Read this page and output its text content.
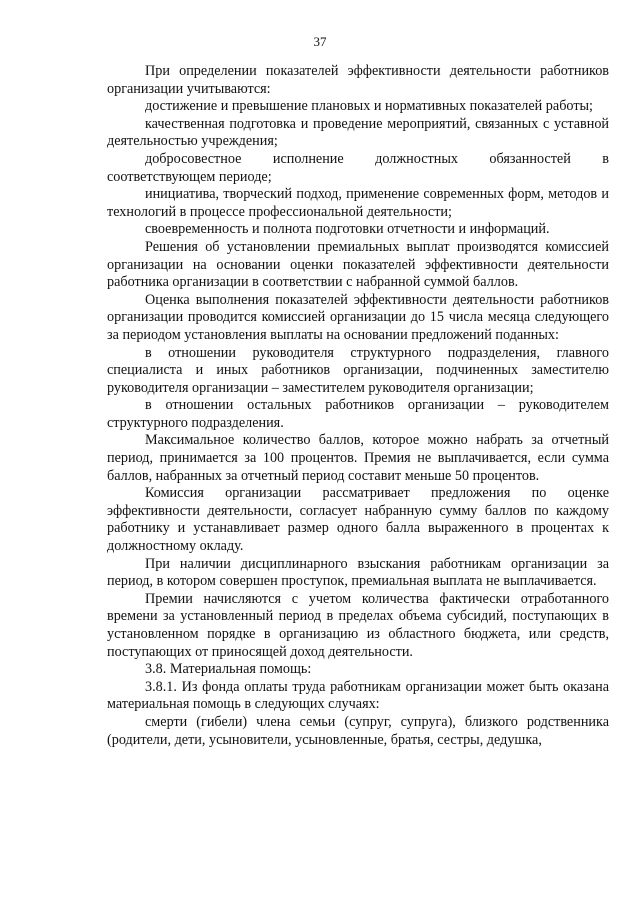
37

При определении показателей эффективности деятельности работников организации учитываются:

достижение и превышение плановых и нормативных показателей работы;

качественная подготовка и проведение мероприятий, связанных с уставной деятельностью учреждения;

добросовестное исполнение должностных обязанностей в соответствующем периоде;

инициатива, творческий подход, применение современных форм, методов и технологий в процессе профессиональной деятельности;

своевременность и полнота подготовки отчетности и информаций.

Решения об установлении премиальных выплат производятся комиссией организации на основании оценки показателей эффективности деятельности работника организации в соответствии с набранной суммой баллов.

Оценка выполнения показателей эффективности деятельности работников организации проводится комиссией организации до 15 числа месяца следующего за периодом установления выплаты на основании предложений поданных:

в отношении руководителя структурного подразделения, главного специалиста и иных работников организации, подчиненных заместителю руководителя организации – заместителем руководителя организации;

в отношении остальных работников организации – руководителем структурного подразделения.

Максимальное количество баллов, которое можно набрать за отчетный период, принимается за 100 процентов. Премия не выплачивается, если сумма баллов, набранных за отчетный период составит меньше 50 процентов.

Комиссия организации рассматривает предложения по оценке эффективности деятельности, согласует набранную сумму баллов по каждому работнику и устанавливает размер одного балла выраженного в процентах к должностному окладу.

При наличии дисциплинарного взыскания работникам организации за период, в котором совершен проступок, премиальная выплата не выплачивается.

Премии начисляются с учетом количества фактически отработанного времени за установленный период в пределах объема субсидий, поступающих в установленном порядке в организацию из областного бюджета, или средств, поступающих от приносящей доход деятельности.

3.8. Материальная помощь:

3.8.1. Из фонда оплаты труда работникам организации может быть оказана материальная помощь в следующих случаях:

смерти (гибели) члена семьи (супруг, супруга), близкого родственника (родители, дети, усыновители, усыновленные, братья, сестры, дедушка,
